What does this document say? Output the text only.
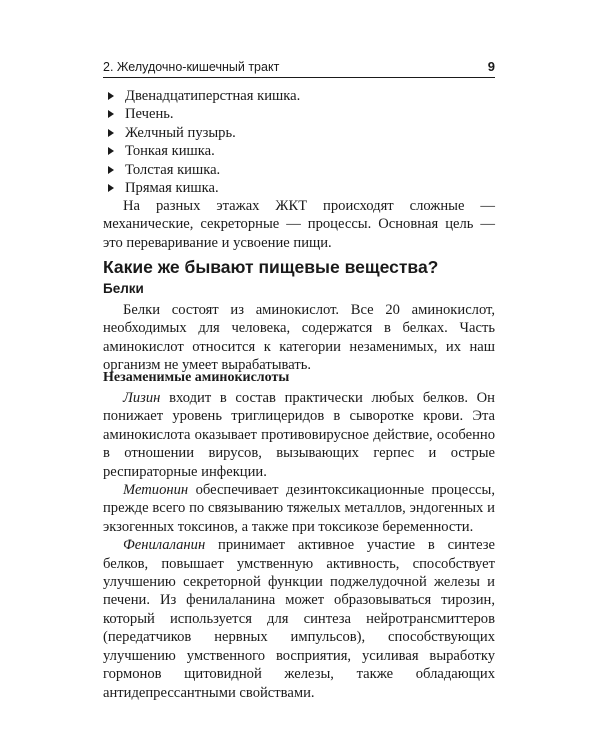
2. Желудочно-кишечный тракт	9
Двенадцатиперстная кишка.
Печень.
Желчный пузырь.
Тонкая кишка.
Толстая кишка.
Прямая кишка.

На разных этажах ЖКТ происходят сложные — механические, секреторные — процессы. Основная цель — это переваривание и усвоение пищи.

Какие же бывают пищевые вещества?
Белки

Белки состоят из аминокислот. Все 20 аминокислот, необходимых для человека, содержатся в белках. Часть аминокислот относится к категории незаменимых, их наш организм не умеет вырабатывать.

Незаменимые аминокислоты

Лизин входит в состав практически любых белков. Он понижает уровень триглицеридов в сыворотке крови. Эта аминокислота оказывает противовирусное действие, особенно в отношении вирусов, вызывающих герпес и острые респираторные инфекции.

Метионин обеспечивает дезинтоксикационные процессы, прежде всего по связыванию тяжелых металлов, эндогенных и экзогенных токсинов, а также при токсикозе беременности.

Фенилаланин принимает активное участие в синтезе белков, повышает умственную активность, способствует улучшению секреторной функции поджелудочной железы и печени. Из фенилаланина может образовываться тирозин, который используется для синтеза нейротрансмиттеров (передатчиков нервных импульсов), способствующих улучшению умственного восприятия, усиливая выработку гормонов щитовидной железы, также обладающих антидепрессантными свойствами.
